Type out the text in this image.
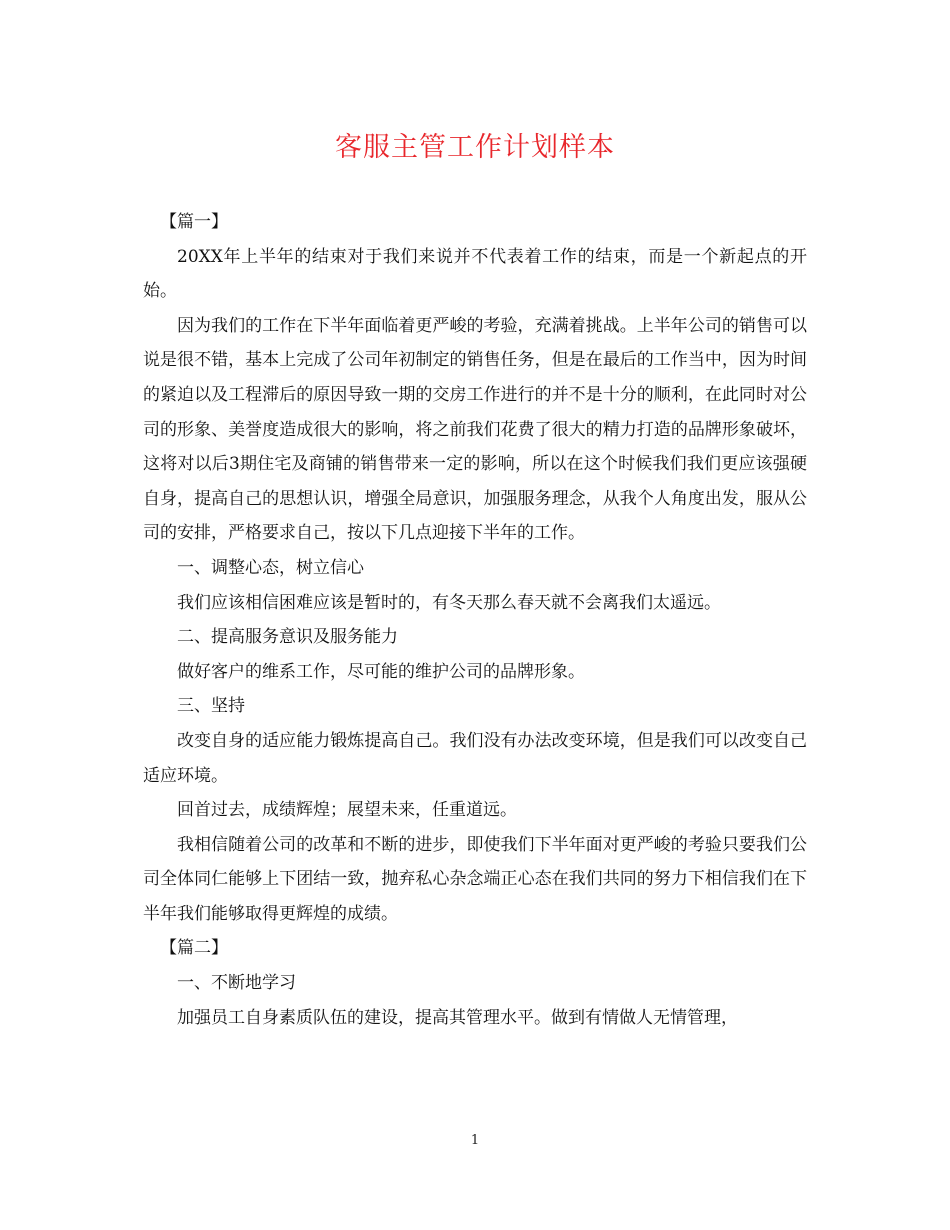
客服主管工作计划样本

【篇一】

20XX年上半年的结束对于我们来说并不代表着工作的结束，而是一个新起点的开始。

因为我们的工作在下半年面临着更严峻的考验，充满着挑战。上半年公司的销售可以说是很不错，基本上完成了公司年初制定的销售任务，但是在最后的工作当中，因为时间的紧迫以及工程滞后的原因导致一期的交房工作进行的并不是十分的顺利，在此同时对公司的形象、美誉度造成很大的影响，将之前我们花费了很大的精力打造的品牌形象破坏，这将对以后3期住宅及商铺的销售带来一定的影响，所以在这个时候我们我们更应该强硬自身，提高自己的思想认识，增强全局意识，加强服务理念，从我个人角度出发，服从公司的安排，严格要求自己，按以下几点迎接下半年的工作。

一、调整心态，树立信心

我们应该相信困难应该是暂时的，有冬天那么春天就不会离我们太遥远。

二、提高服务意识及服务能力

做好客户的维系工作，尽可能的维护公司的品牌形象。

三、坚持

改变自身的适应能力锻炼提高自己。我们没有办法改变环境，但是我们可以改变自己适应环境。

回首过去，成绩辉煌；展望未来，任重道远。

我相信随着公司的改革和不断的进步，即使我们下半年面对更严峻的考验只要我们公司全体同仁能够上下团结一致，抛弃私心杂念端正心态在我们共同的努力下相信我们在下半年我们能够取得更辉煌的成绩。

【篇二】

一、不断地学习

加强员工自身素质队伍的建设，提高其管理水平。做到有情做人无情管理，

1
